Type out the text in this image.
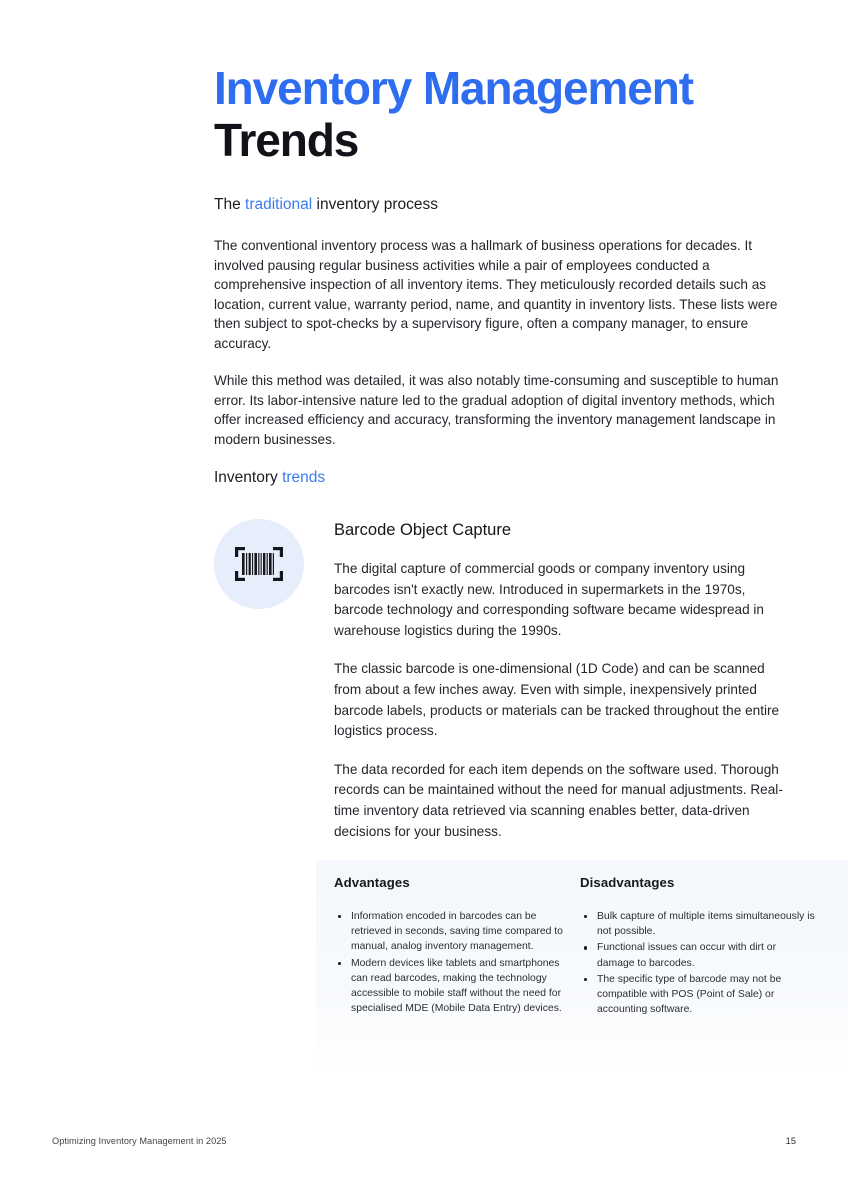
Inventory Management
Trends
The traditional inventory process

The conventional inventory process was a hallmark of business operations for decades. It involved pausing regular business activities while a pair of employees conducted a comprehensive inspection of all inventory items. They meticulously recorded details such as location, current value, warranty period, name, and quantity in inventory lists. These lists were then subject to spot-checks by a supervisory figure, often a company manager, to ensure accuracy.

While this method was detailed, it was also notably time-consuming and susceptible to human error. Its labor-intensive nature led to the gradual adoption of digital inventory methods, which offer increased efficiency and accuracy, transforming the inventory management landscape in modern businesses.

Inventory trends
Barcode Object Capture

The digital capture of commercial goods or company inventory using barcodes isn't exactly new. Introduced in supermarkets in the 1970s, barcode technology and corresponding software became widespread in warehouse logistics during the 1990s.

The classic barcode is one-dimensional (1D Code) and can be scanned from about a few inches away. Even with simple, inexpensively printed barcode labels, products or materials can be tracked throughout the entire logistics process.

The data recorded for each item depends on the software used. Thorough records can be maintained without the need for manual adjustments. Real-time inventory data retrieved via scanning enables better, data-driven decisions for your business.

Advantages
Information encoded in barcodes can be retrieved in seconds, saving time compared to manual, analog inventory management.
Modern devices like tablets and smartphones can read barcodes, making the technology accessible to mobile staff without the need for specialised MDE (Mobile Data Entry) devices.
Disadvantages
Bulk capture of multiple items simultaneously is not possible.
Functional issues can occur with dirt or damage to barcodes.
The specific type of barcode may not be compatible with POS (Point of Sale) or accounting software.
Optimizing Inventory Management in 2025	15
